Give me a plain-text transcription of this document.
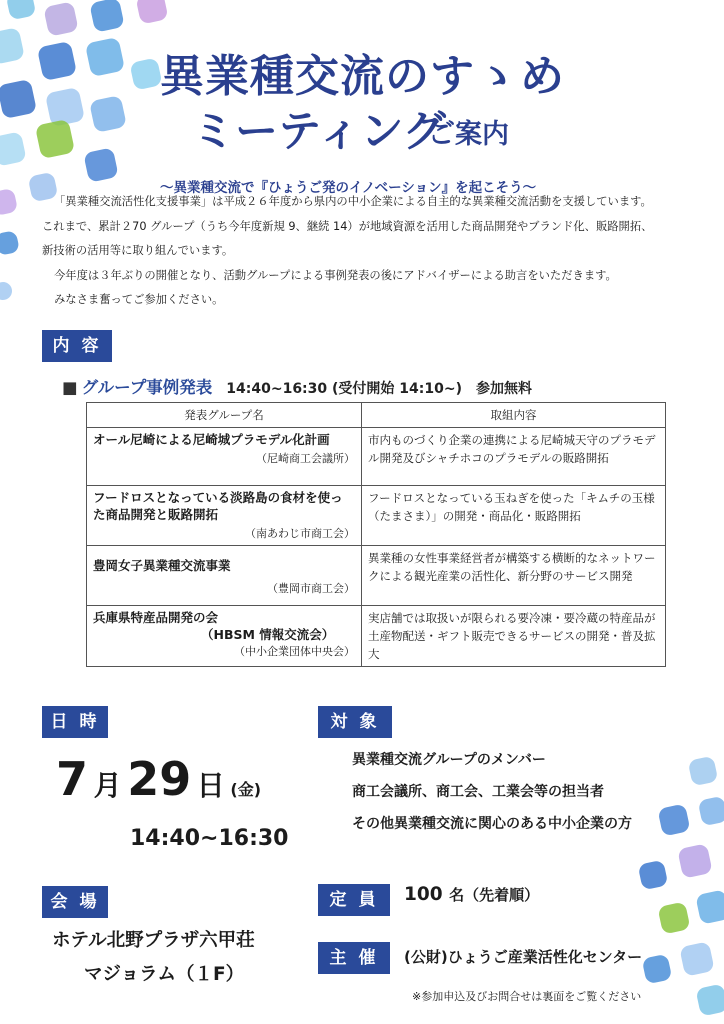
異業種交流のすゝめ
ミーティング
ご案内
～異業種交流で『ひょうご発のイノベーション』を起こそう～

「異業種交流活性化支援事業」は平成２６年度から県内の中小企業による自主的な異業種交流活動を支援しています。

これまで、累計２70 グループ（うち今年度新規 9、継続 14）が地域資源を活用した商品開発やブランド化、販路開拓、

新技術の活用等に取り組んでいます。

今年度は３年ぶりの開催となり、活動グループによる事例発表の後にアドバイザーによる助言をいただきます。

みなさま奮ってご参加ください。

内 容
■ グループ事例発表 14:40~16:30 (受付開始 14:10~)　参加無料
発表グループ名	取組内容

オール尼崎による尼崎城プラモデル化計画
（尼崎商工会議所）	市内ものづくり企業の連携による尼崎城天守のプラモデル開発及びシャチホコのプラモデルの販路開拓

フードロスとなっている淡路島の食材を使った商品開発と販路開拓
（南あわじ市商工会）	フードロスとなっている玉ねぎを使った「キムチの玉様（たまさま）」の開発・商品化・販路開拓

豊岡女子異業種交流事業
（豊岡市商工会）	異業種の女性事業経営者が構築する横断的なネットワークによる観光産業の活性化、新分野のサービス開発

兵庫県特産品開発の会
（HBSM 情報交流会）
（中小企業団体中央会）	実店舗では取扱いが限られる要冷凍・要冷蔵の特産品が土産物配送・ギフト販売できるサービスの開発・普及拡大
日 時
7 月 29 日 (金)
14:40~16:30
対 象

異業種交流グループのメンバー

商工会議所、商工会、工業会等の担当者

その他異業種交流に関心のある中小企業の方

会 場
ホテル北野プラザ六甲荘
マジョラム（１F）
定 員	100 名（先着順）
主 催	(公財)ひょうご産業活性化センター
※参加申込及びお問合せは裏面をご覧ください
